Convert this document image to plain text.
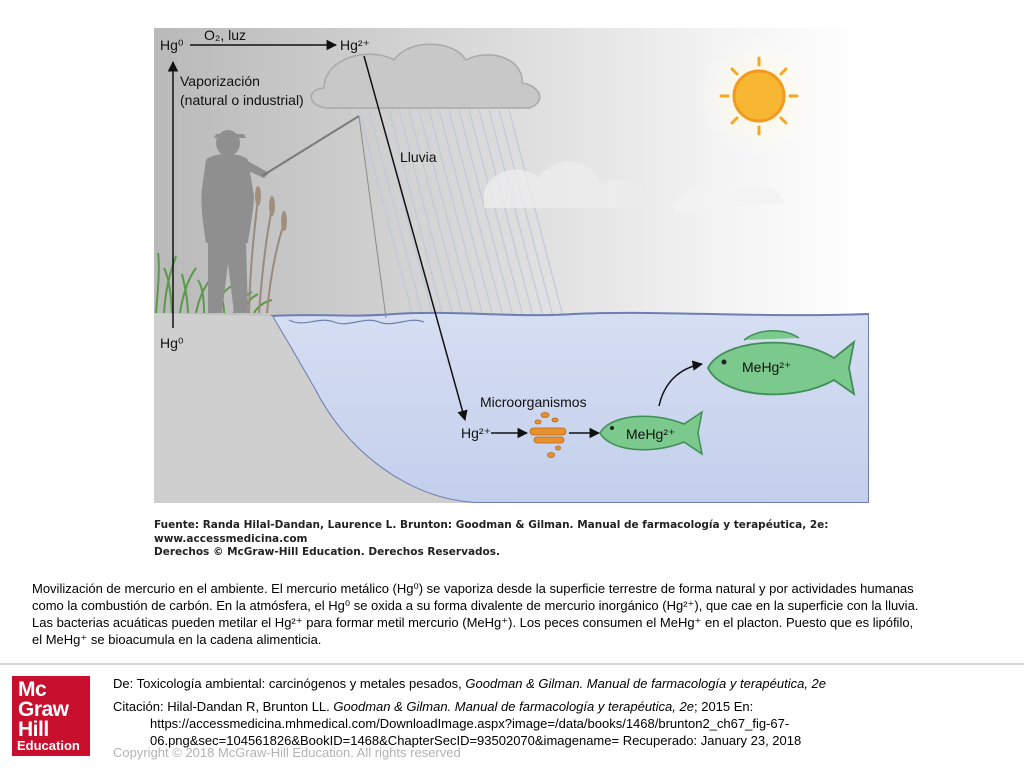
Hg⁰
O₂, luz
Hg²⁺
Vaporización
(natural o industrial)
Lluvia
Hg⁰
Microorganismos
Hg²⁺	MeHg²⁺
MeHg²⁺
Fuente: Randa Hilal-Dandan, Laurence L. Brunton: Goodman & Gilman. Manual de farmacología y terapéutica, 2e:
www.accessmedicina.com
Derechos © McGraw-Hill Education. Derechos Reservados.

Movilización de mercurio en el ambiente. El mercurio metálico (Hg⁰) se vaporiza desde la superficie terrestre de forma natural y por actividades humanas

como la combustión de carbón. En la atmósfera, el Hg⁰ se oxida a su forma divalente de mercurio inorgánico (Hg²⁺), que cae en la superficie con la lluvia.

Las bacterias acuáticas pueden metilar el Hg²⁺ para formar metil mercurio (MeHg⁺). Los peces consumen el MeHg⁺ en el placton. Puesto que es lipófilo,

el MeHg⁺ se bioacumula en la cadena alimenticia.

Mc
Graw
Hill
Education
De: Toxicología ambiental: carcinógenos y metales pesados, Goodman & Gilman. Manual de farmacología y terapéutica, 2e
Citación: Hilal-Dandan R, Brunton LL. Goodman & Gilman. Manual de farmacología y terapéutica, 2e; 2015 En:
https://accessmedicina.mhmedical.com/DownloadImage.aspx?image=/data/books/1468/brunton2_ch67_fig-67-
06.png&sec=104561826&BookID=1468&ChapterSecID=93502070&imagename= Recuperado: January 23, 2018
Copyright © 2018 McGraw-Hill Education. All rights reserved
